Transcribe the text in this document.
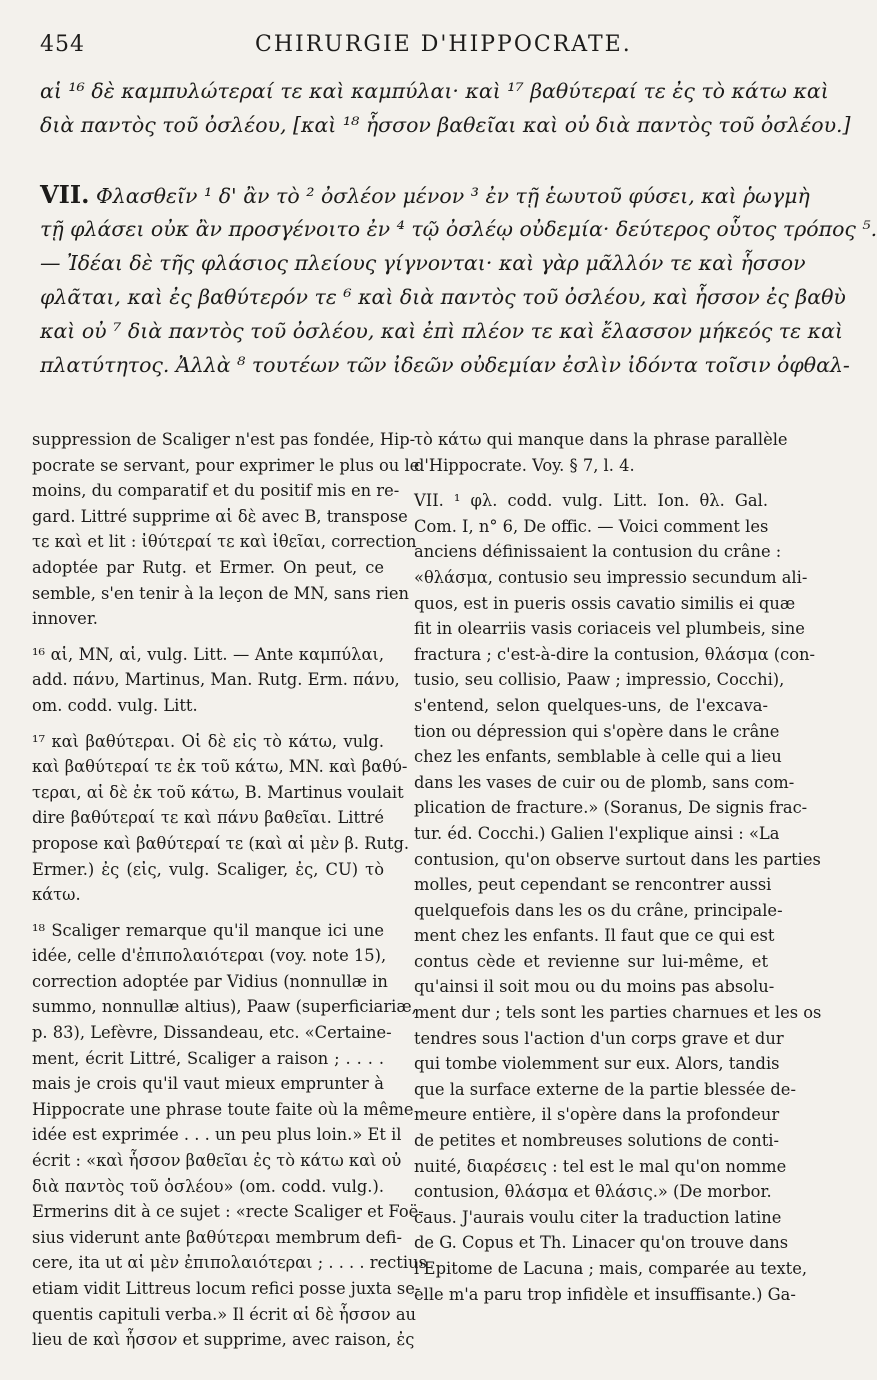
454	CHIRURGIE D'HIPPOCRATE.
αἱ ¹⁶ δὲ καμπυλώτεραί τε καὶ καμπύλαι· καὶ ¹⁷ βαθύτεραί τε ἐς τὸ κάτω καὶ
διὰ παντὸς τοῦ ὀσλέου, [καὶ ¹⁸ ἧσσον βαθεῖαι καὶ οὐ διὰ παντὸς τοῦ ὀσλέου.]
VII. Φλασθεῖν ¹ δ' ἂν τὸ ² ὀσλέον μένον ³ ἐν τῇ ἑωυτοῦ φύσει, καὶ ῥωγμὴ
τῇ φλάσει οὐκ ἂν προσγένοιτο ἐν ⁴ τῷ ὀσλέῳ οὐδεμία· δεύτερος οὗτος τρόπος ⁵.
— Ἰδέαι δὲ τῆς φλάσιος πλείους γίγνονται· καὶ γὰρ μᾶλλόν τε καὶ ἧσσον
φλᾶται, καὶ ἐς βαθύτερόν τε ⁶ καὶ διὰ παντὸς τοῦ ὀσλέου, καὶ ἧσσον ἐς βαθὺ
καὶ οὐ ⁷ διὰ παντὸς τοῦ ὀσλέου, καὶ ἐπὶ πλέον τε καὶ ἔλασσον μήκεός τε καὶ
πλατύτητος. Ἀλλὰ ⁸ τουτέων τῶν ἰδεῶν οὐδεμίαν ἐσλὶν ἰδόντα τοῖσιν ὀφθαλ-
suppression de Scaliger n'est pas fondée, Hip-
pocrate se servant, pour exprimer le plus ou le
moins, du comparatif et du positif mis en re-
gard. Littré supprime αἱ δὲ avec B, transpose
τε καὶ et lit : ἰθύτεραί τε καὶ ἰθεῖαι, correction
adoptée par Rutg. et Ermer. On peut, ce
semble, s'en tenir à la leçon de MN, sans rien
innover.
¹⁶ αἱ, MN, αἱ, vulg. Litt. — Ante καμπύλαι,
add. πάνυ, Martinus, Man. Rutg. Erm. πάνυ,
om. codd. vulg. Litt.
¹⁷ καὶ βαθύτεραι. Οἱ δὲ εἰς τὸ κάτω, vulg.
καὶ βαθύτεραί τε ἐκ τοῦ κάτω, MN. καὶ βαθύ-
τεραι, αἱ δὲ ἐκ τοῦ κάτω, B. Martinus voulait
dire βαθύτεραί τε καὶ πάνυ βαθεῖαι. Littré
propose καὶ βαθύτεραί τε (καὶ αἱ μὲν β. Rutg.
Ermer.) ἐς (εἰς, vulg. Scaliger, ἐς, CU) τὸ
κάτω.
¹⁸ Scaliger remarque qu'il manque ici une
idée, celle d'ἐπιπολαιότεραι (voy. note 15),
correction adoptée par Vidius (nonnullæ in
summo, nonnullæ altius), Paaw (superficiariæ,
p. 83), Lefèvre, Dissandeau, etc. «Certaine-
ment, écrit Littré, Scaliger a raison ; . . . .
mais je crois qu'il vaut mieux emprunter à
Hippocrate une phrase toute faite où la même
idée est exprimée . . . un peu plus loin.» Et il
écrit : «καὶ ἧσσον βαθεῖαι ἐς τὸ κάτω καὶ οὐ
διὰ παντὸς τοῦ ὀσλέου» (om. codd. vulg.).
Ermerins dit à ce sujet : «recte Scaliger et Foë-
sius viderunt ante βαθύτεραι membrum defi-
cere, ita ut αἱ μὲν ἐπιπολαιότεραι ; . . . . rectius
etiam vidit Littreus locum refici posse juxta se-
quentis capituli verba.» Il écrit αἱ δὲ ἧσσον au
lieu de καὶ ἧσσον et supprime, avec raison, ἐς
τὸ κάτω qui manque dans la phrase parallèle
d'Hippocrate. Voy. § 7, l. 4.
VII. ¹ φλ. codd. vulg. Litt. Ion. θλ. Gal.
Com. I, n° 6, De offic. — Voici comment les
anciens définissaient la contusion du crâne :
«θλάσμα, contusio seu impressio secundum ali-
quos, est in pueris ossis cavatio similis ei quæ
fit in olearriis vasis coriaceis vel plumbeis, sine
fractura ; c'est-à-dire la contusion, θλάσμα (con-
tusio, seu collisio, Paaw ; impressio, Cocchi),
s'entend, selon quelques-uns, de l'excava-
tion ou dépression qui s'opère dans le crâne
chez les enfants, semblable à celle qui a lieu
dans les vases de cuir ou de plomb, sans com-
plication de fracture.» (Soranus, De signis frac-
tur. éd. Cocchi.) Galien l'explique ainsi : «La
contusion, qu'on observe surtout dans les parties
molles, peut cependant se rencontrer aussi
quelquefois dans les os du crâne, principale-
ment chez les enfants. Il faut que ce qui est
contus cède et revienne sur lui-même, et
qu'ainsi il soit mou ou du moins pas absolu-
ment dur ; tels sont les parties charnues et les os
tendres sous l'action d'un corps grave et dur
qui tombe violemment sur eux. Alors, tandis
que la surface externe de la partie blessée de-
meure entière, il s'opère dans la profondeur
de petites et nombreuses solutions de conti-
nuité, διαρέσεις : tel est le mal qu'on nomme
contusion, θλάσμα et θλάσις.» (De morbor.
caus. J'aurais voulu citer la traduction latine
de G. Copus et Th. Linacer qu'on trouve dans
l'Epitome de Lacuna ; mais, comparée au texte,
elle m'a paru trop infidèle et insuffisante.) Ga-
